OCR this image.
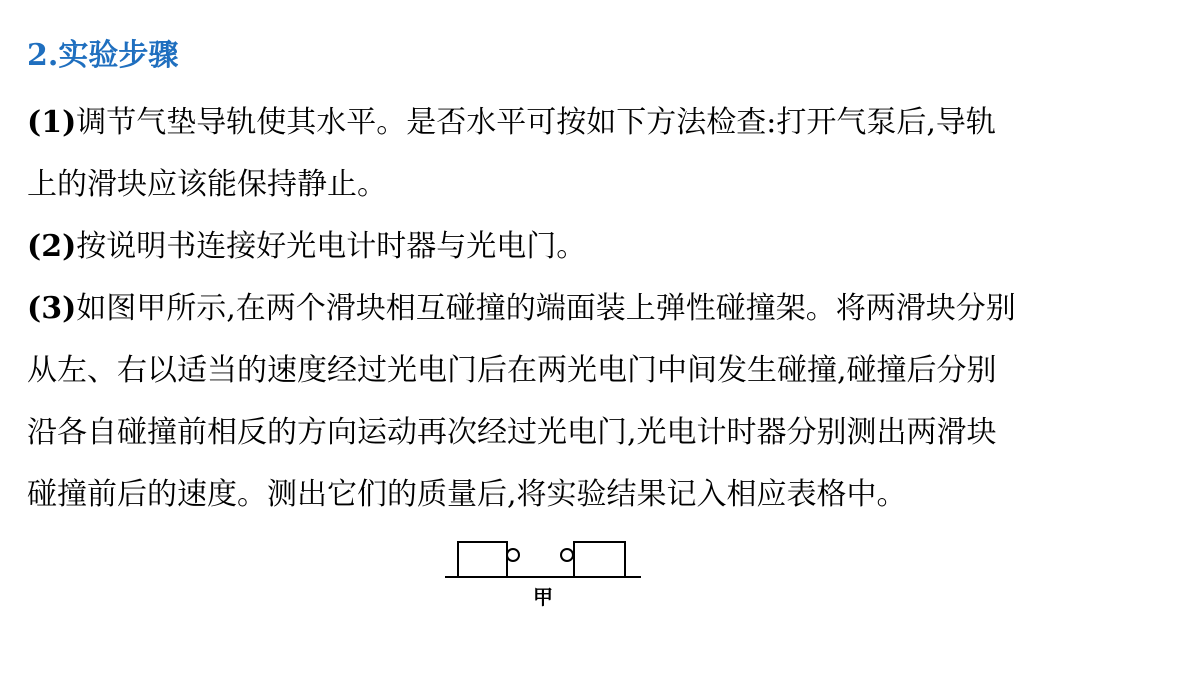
2.实验步骤
(1)调节气垫导轨使其水平。是否水平可按如下方法检查:打开气泵后,导轨
上的滑块应该能保持静止。
(2)按说明书连接好光电计时器与光电门。
(3)如图甲所示,在两个滑块相互碰撞的端面装上弹性碰撞架。将两滑块分别
从左、右以适当的速度经过光电门后在两光电门中间发生碰撞,碰撞后分别
沿各自碰撞前相反的方向运动再次经过光电门,光电计时器分别测出两滑块
碰撞前后的速度。测出它们的质量后,将实验结果记入相应表格中。
甲
